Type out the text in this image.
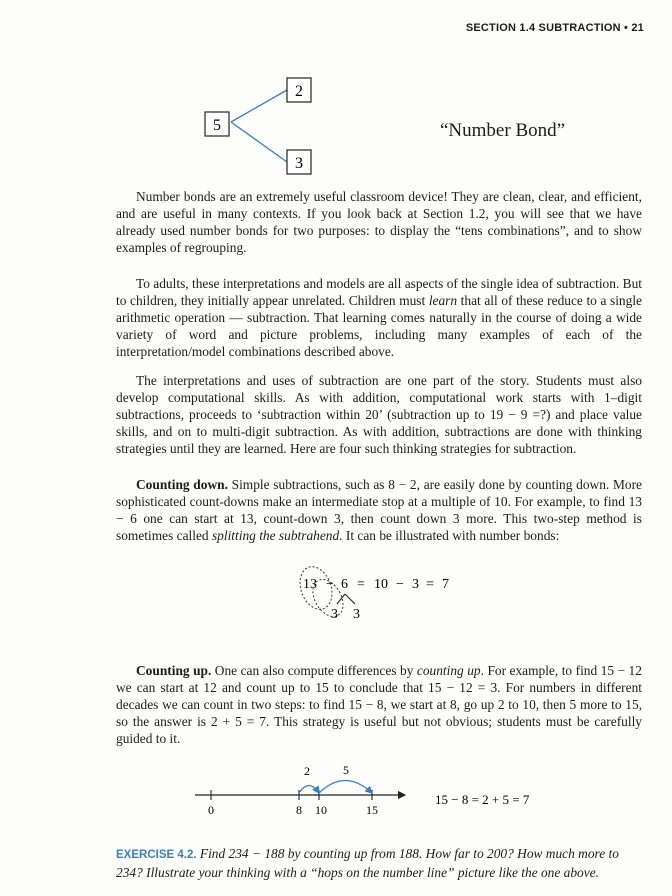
SECTION 1.4 SUBTRACTION • 21
5
2
3
“Number Bond”

Number bonds are an extremely useful classroom device! They are clean, clear, and efficient, and are useful in many contexts. If you look back at Section 1.2, you will see that we have already used number bonds for two purposes: to display the “tens combinations”, and to show examples of regrouping.

To adults, these interpretations and models are all aspects of the single idea of subtraction. But to children, they initially appear unrelated. Children must learn that all of these reduce to a single arithmetic operation — subtraction. That learning comes naturally in the course of doing a wide variety of word and picture problems, including many examples of each of the interpretation/model combinations described above.

The interpretations and uses of subtraction are one part of the story. Students must also develop computational skills. As with addition, computational work starts with 1–digit subtractions, proceeds to ‘subtraction within 20’ (subtraction up to 19 − 9 =?) and place value skills, and on to multi-digit subtraction. As with addition, subtractions are done with thinking strategies until they are learned. Here are four such thinking strategies for subtraction.

Counting down. Simple subtractions, such as 8 − 2, are easily done by counting down. More sophisticated count-downs make an intermediate stop at a multiple of 10. For example, to find 13 − 6 one can start at 13, count-down 3, then count down 3 more. This two-step method is sometimes called splitting the subtrahend. It can be illustrated with number bonds:

13 − 6 = 10 − 3 = 7
3 3

Counting up. One can also compute differences by counting up. For example, to find 15 − 12 we can start at 12 and count up to 15 to conclude that 15 − 12 = 3. For numbers in different decades we can count in two steps: to find 15 − 8, we start at 8, go up 2 to 10, then 5 more to 15, so the answer is 2 + 5 = 7. This strategy is useful but not obvious; students must be carefully guided to it.

0	8 10	15
2	5
15 − 8 = 2 + 5 = 7

EXERCISE 4.2. Find 234 − 188 by counting up from 188. How far to 200? How much more to 234? Illustrate your thinking with a “hops on the number line” picture like the one above.
